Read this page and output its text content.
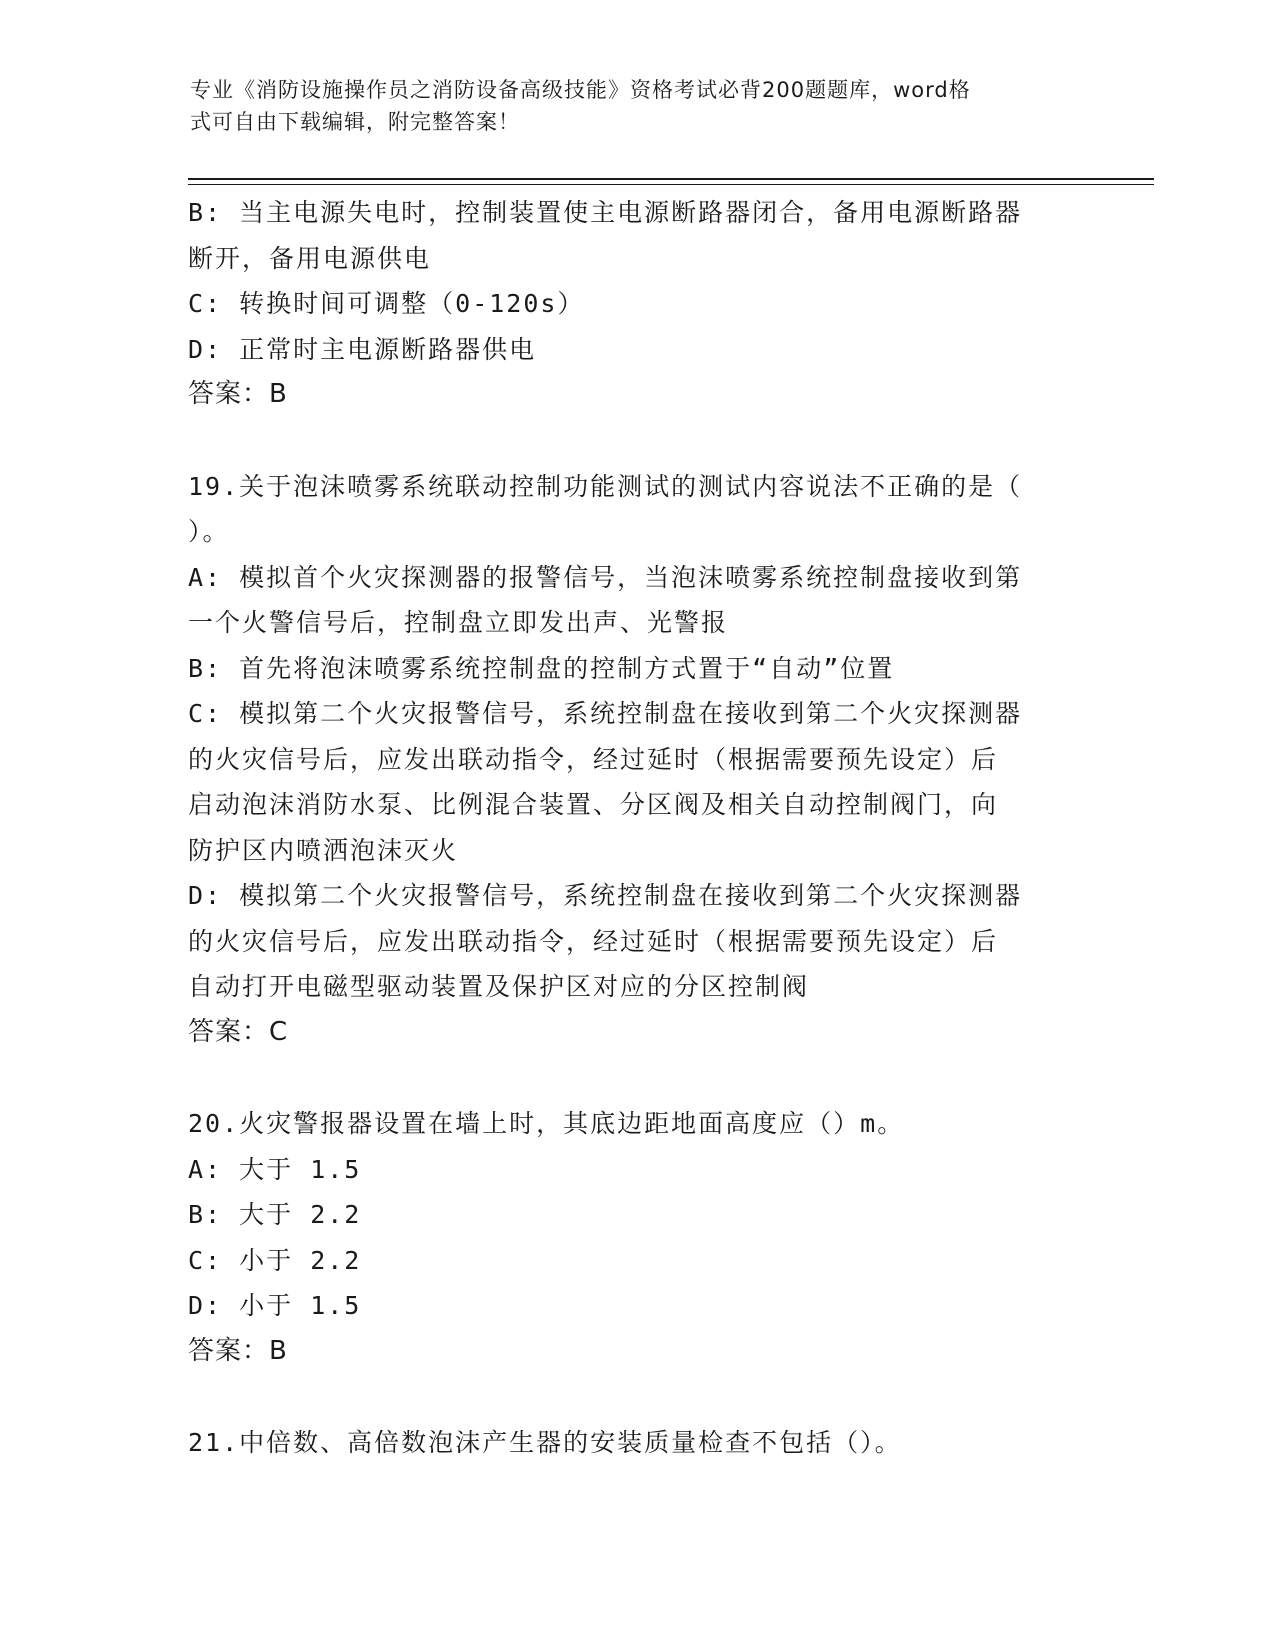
专业《消防设施操作员之消防设备高级技能》资格考试必背200题题库，word格
式可自由下载编辑，附完整答案！
B: 当主电源失电时，控制装置使主电源断路器闭合，备用电源断路器
断开，备用电源供电
C: 转换时间可调整（0-120s）
D: 正常时主电源断路器供电
答案：B
19.关于泡沫喷雾系统联动控制功能测试的测试内容说法不正确的是（
）。
A: 模拟首个火灾探测器的报警信号，当泡沫喷雾系统控制盘接收到第
一个火警信号后，控制盘立即发出声、光警报
B: 首先将泡沫喷雾系统控制盘的控制方式置于“自动”位置
C: 模拟第二个火灾报警信号，系统控制盘在接收到第二个火灾探测器
的火灾信号后，应发出联动指令，经过延时（根据需要预先设定）后
启动泡沫消防水泵、比例混合装置、分区阀及相关自动控制阀门，向
防护区内喷洒泡沫灭火
D: 模拟第二个火灾报警信号，系统控制盘在接收到第二个火灾探测器
的火灾信号后，应发出联动指令，经过延时（根据需要预先设定）后
自动打开电磁型驱动装置及保护区对应的分区控制阀
答案：C
20.火灾警报器设置在墙上时，其底边距地面高度应（）m。
A: 大于 1.5
B: 大于 2.2
C: 小于 2.2
D: 小于 1.5
答案：B
21.中倍数、高倍数泡沫产生器的安装质量检查不包括（）。
